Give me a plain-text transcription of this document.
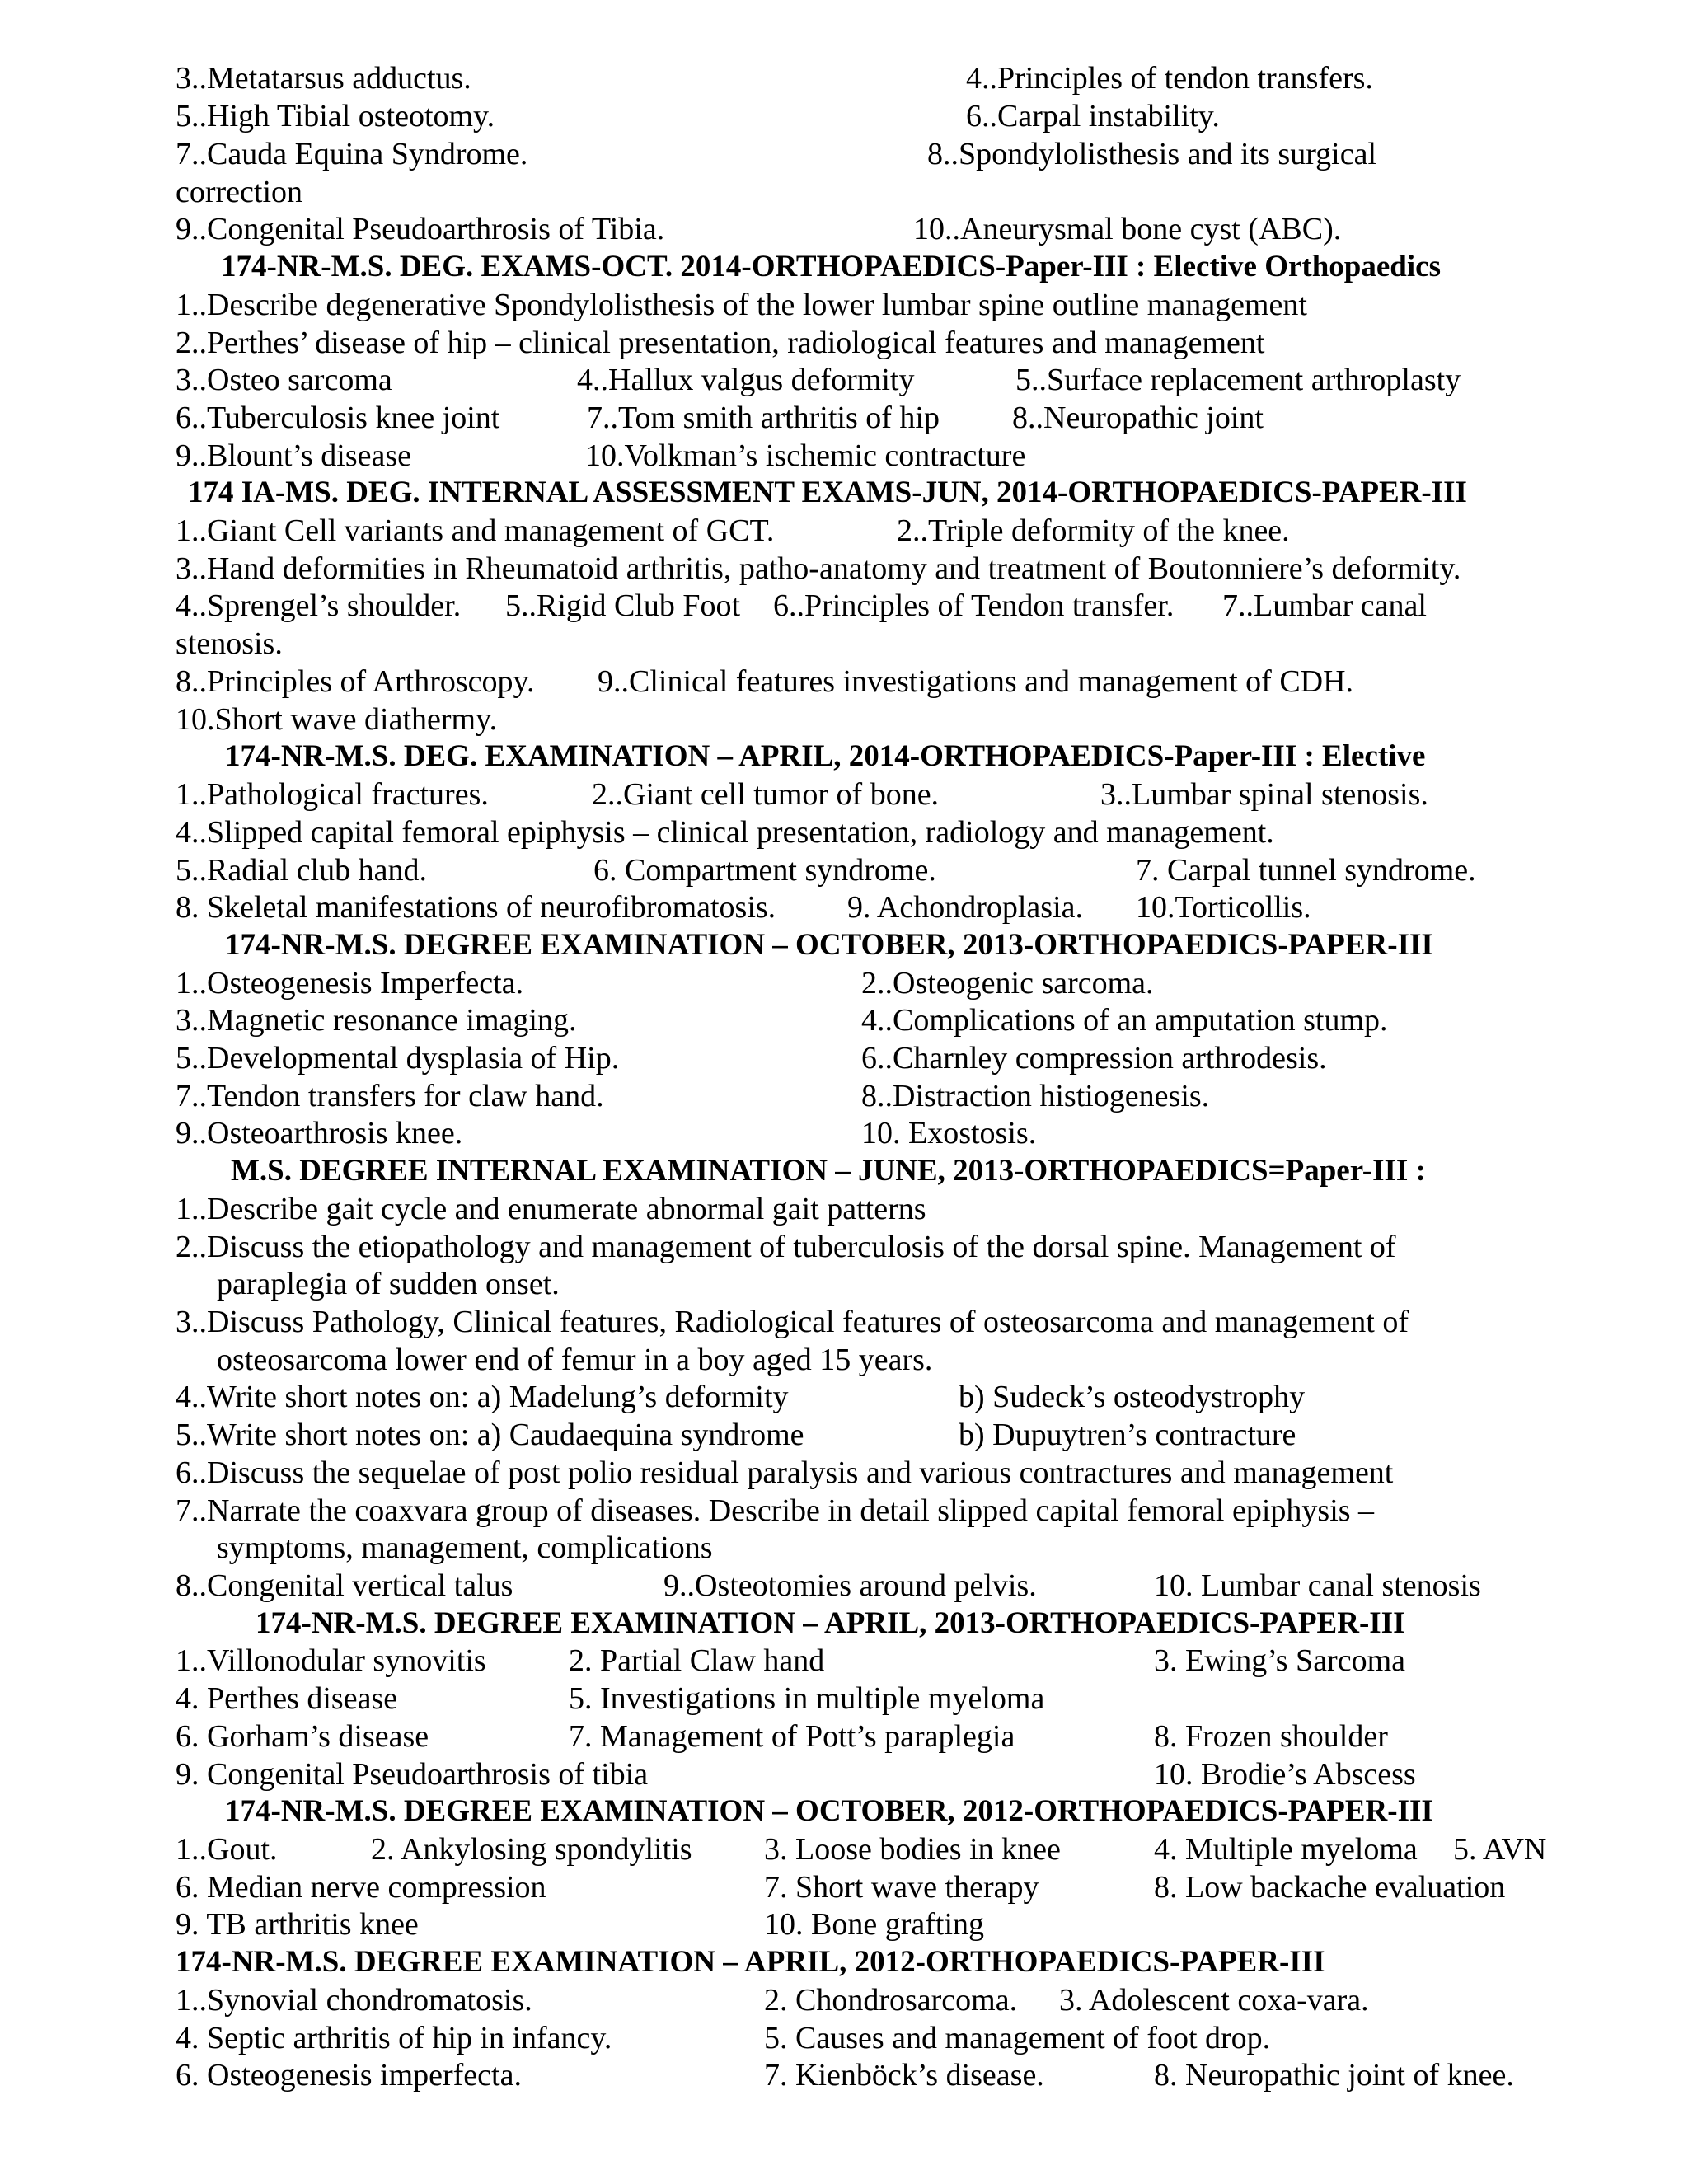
3..Metatarsus adductus.	4..Principles of tendon transfers.
5..High Tibial osteotomy.	6..Carpal instability.
7..Cauda Equina Syndrome.	8..Spondylolisthesis and its surgical
correction
9..Congenital Pseudoarthrosis of Tibia.	10..Aneurysmal bone cyst (ABC).
174-NR-M.S. DEG. EXAMS-OCT. 2014-ORTHOPAEDICS-Paper-III : Elective Orthopaedics
1..Describe degenerative Spondylolisthesis of the lower lumbar spine outline management
2..Perthes’ disease of hip – clinical presentation, radiological features and management
3..Osteo sarcoma	4..Hallux valgus deformity	5..Surface replacement arthroplasty
6..Tuberculosis knee joint	7..Tom smith arthritis of hip 8..Neuropathic joint
9..Blount’s disease	10.Volkman’s ischemic contracture
174 IA-MS. DEG. INTERNAL ASSESSMENT EXAMS-JUN, 2014-ORTHOPAEDICS-PAPER-III
1..Giant Cell variants and management of GCT.	2..Triple deformity of the knee.
3..Hand deformities in Rheumatoid arthritis, patho-anatomy and treatment of Boutonniere’s deformity.
4..Sprengel’s shoulder. 5..Rigid Club Foot 6..Principles of Tendon transfer. 7..Lumbar canal
stenosis.
8..Principles of Arthroscopy. 9..Clinical features investigations and management of CDH.
10.Short wave diathermy.
174-NR-M.S. DEG. EXAMINATION – APRIL, 2014-ORTHOPAEDICS-Paper-III : Elective
1..Pathological fractures.	2..Giant cell tumor of bone.	3..Lumbar spinal stenosis.
4..Slipped capital femoral epiphysis – clinical presentation, radiology and management.
5..Radial club hand.	6. Compartment syndrome.	7. Carpal tunnel syndrome.
8. Skeletal manifestations of neurofibromatosis. 9. Achondroplasia. 10.Torticollis.
174-NR-M.S. DEGREE EXAMINATION – OCTOBER, 2013-ORTHOPAEDICS-PAPER-III
1..Osteogenesis Imperfecta.	2..Osteogenic sarcoma.
3..Magnetic resonance imaging.	4..Complications of an amputation stump.
5..Developmental dysplasia of Hip.	6..Charnley compression arthrodesis.
7..Tendon transfers for claw hand.	8..Distraction histiogenesis.
9..Osteoarthrosis knee.	10. Exostosis.
M.S. DEGREE INTERNAL EXAMINATION – JUNE, 2013-ORTHOPAEDICS=Paper-III :
1..Describe gait cycle and enumerate abnormal gait patterns
2..Discuss the etiopathology and management of tuberculosis of the dorsal spine. Management of
paraplegia of sudden onset.
3..Discuss Pathology, Clinical features, Radiological features of osteosarcoma and management of
osteosarcoma lower end of femur in a boy aged 15 years.
4..Write short notes on: a) Madelung’s deformity	b) Sudeck’s osteodystrophy
5..Write short notes on: a) Caudaequina syndrome	b) Dupuytren’s contracture
6..Discuss the sequelae of post polio residual paralysis and various contractures and management
7..Narrate the coaxvara group of diseases. Describe in detail slipped capital femoral epiphysis –
symptoms, management, complications
8..Congenital vertical talus	9..Osteotomies around pelvis.	10. Lumbar canal stenosis
174-NR-M.S. DEGREE EXAMINATION – APRIL, 2013-ORTHOPAEDICS-PAPER-III
1..Villonodular synovitis	2. Partial Claw hand	3. Ewing’s Sarcoma
4. Perthes disease	5. Investigations in multiple myeloma
6. Gorham’s disease	7. Management of Pott’s paraplegia	8. Frozen shoulder
9. Congenital Pseudoarthrosis of tibia	10. Brodie’s Abscess
174-NR-M.S. DEGREE EXAMINATION – OCTOBER, 2012-ORTHOPAEDICS-PAPER-III
1..Gout.	2. Ankylosing spondylitis 3. Loose bodies in knee	4. Multiple myeloma 5. AVN
6. Median nerve compression	7. Short wave therapy	8. Low backache evaluation
9. TB arthritis knee	10. Bone grafting
174-NR-M.S. DEGREE EXAMINATION – APRIL, 2012-ORTHOPAEDICS-PAPER-III
1..Synovial chondromatosis.	2. Chondrosarcoma. 3. Adolescent coxa-vara.
4. Septic arthritis of hip in infancy.	5. Causes and management of foot drop.
6. Osteogenesis imperfecta.	7. Kienböck’s disease.	8. Neuropathic joint of knee.
